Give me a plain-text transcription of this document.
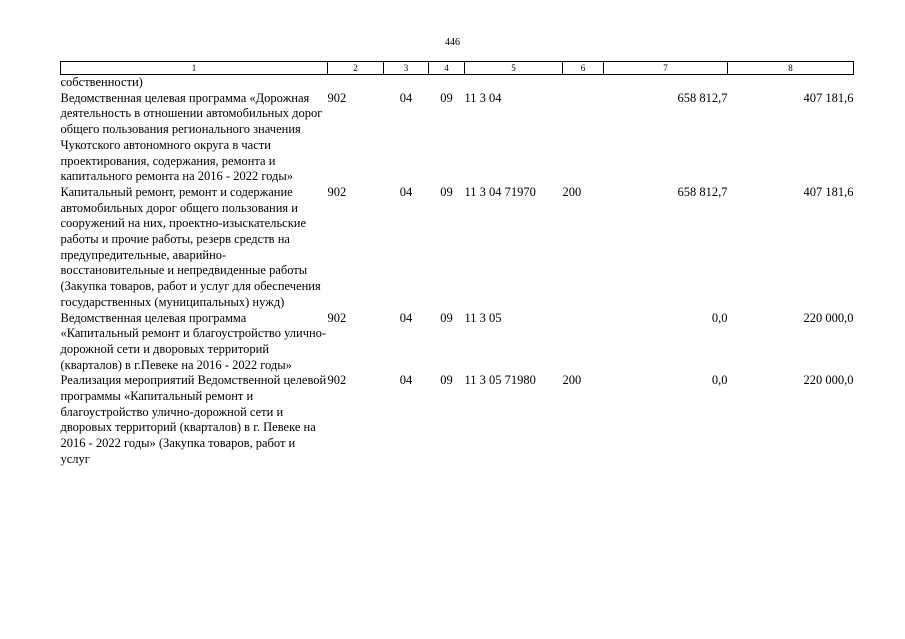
446
1	2	3	4	5	6	7	8
собственности)							
Ведомственная целевая программа «Дорожная деятельность в отношении автомобильных дорог общего пользования регионального значения Чукотского автономного округа в части проектирования, содержания, ремонта и капитального ремонта на 2016 - 2022 годы»	902	04	09	11 3 04		658 812,7	407 181,6
Капитальный ремонт, ремонт и содержание автомобильных дорог общего пользования и сооружений на них, проектно-изыскательские работы и прочие работы, резерв средств на предупредительные, аварийно-восстановительные и непредвиденные работы (Закупка товаров, работ и услуг для обеспечения государственных (муниципальных) нужд)	902	04	09	11 3 04 71970	200	658 812,7	407 181,6
Ведомственная целевая программа «Капитальный ремонт и благоустройство улично-дорожной сети и дворовых территорий (кварталов) в г.Певеке на 2016 - 2022 годы»	902	04	09	11 3 05		0,0	220 000,0
Реализация мероприятий Ведомственной целевой программы «Капитальный ремонт и благоустройство улично-дорожной сети и дворовых территорий (кварталов) в г. Певеке на 2016 - 2022 годы» (Закупка товаров, работ и услуг	902	04	09	11 3 05 71980	200	0,0	220 000,0
